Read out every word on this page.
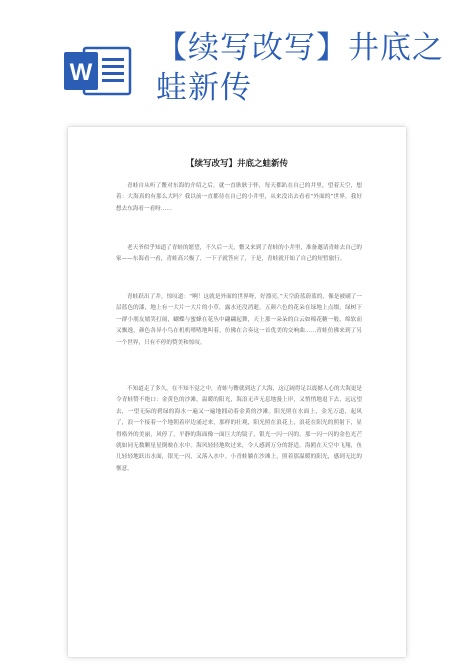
W
【续写改写】井底之蛙新传
【续写改写】井底之蛙新传

青蛙自从听了鳖对东海的介绍之后，就一直耿耿于怀，每天都趴在自己的井里，望着天空，想着：大海真的有那么大吗？我以前一直都待在自己的小井里，从来没出去看看“外面的”世界，我好想去东海看一看呀……

老天爷似乎知道了青蛙的愿望，不久后一天，鳖又来到了青蛙的小井里，准备邀请青蛙去自己的家——东海看一看，青蛙高兴极了，一下子就答应了，于是，青蛙就开始了自己的短暂旅行。

青蛙跃出了井，惊叹道：“啊！这就是外面的世界呀，好漂亮。”天空蔚蓝蔚蓝的，像是被刷了一层蓝色的漆，地上有一大片一大片的小草，露水还没消逝，五颜六色的花朵在绿地上点缀，绿树下一群小朋友嬉笑打闹，蝴蝶与蜜蜂在花丛中翩翩起舞，天上那一朵朵的白云如棉花糖一般，绵软而又飘逸，颜色各异小鸟在机机喳喳地叫着，仿佛在合奏这一首优美的交响曲……青蛙仿佛来到了另一个世界，只有不停的赞美和惊叹。

不知道走了多久，在不知不觉之中，青蛙与鳖就到达了大海，这辽阔得足以震撼人心的大海更是令青蛙赞不绝口：金黄色的沙滩，温暖的阳光，海浪无声无息地漫上岸，又悄悄地退下去，远远望去，一望无际的碧绿的海水一遍又一遍地拥动着金黄的沙滩。阳光照在水面上，金光万道，起风了，浪一个接着一个地朝着岸边涌过来，那样的壮观，阳光照在浪花上，浪花在阳光的照射下，显得格外的美丽，风停了，平静的海面像一面巨大的镜子，银光一闪一闪的，那一闪一闪的金色光芒就如同无数颗星星倒映在水中。海风轻轻地吹过来，令人感到万分的舒适。海鸥在天空中飞翔，鱼儿轻轻地跃出水面，银光一闪，又落入水中。小青蛙躺在沙滩上，照着那温暖的阳光，感到无比的惬意。
